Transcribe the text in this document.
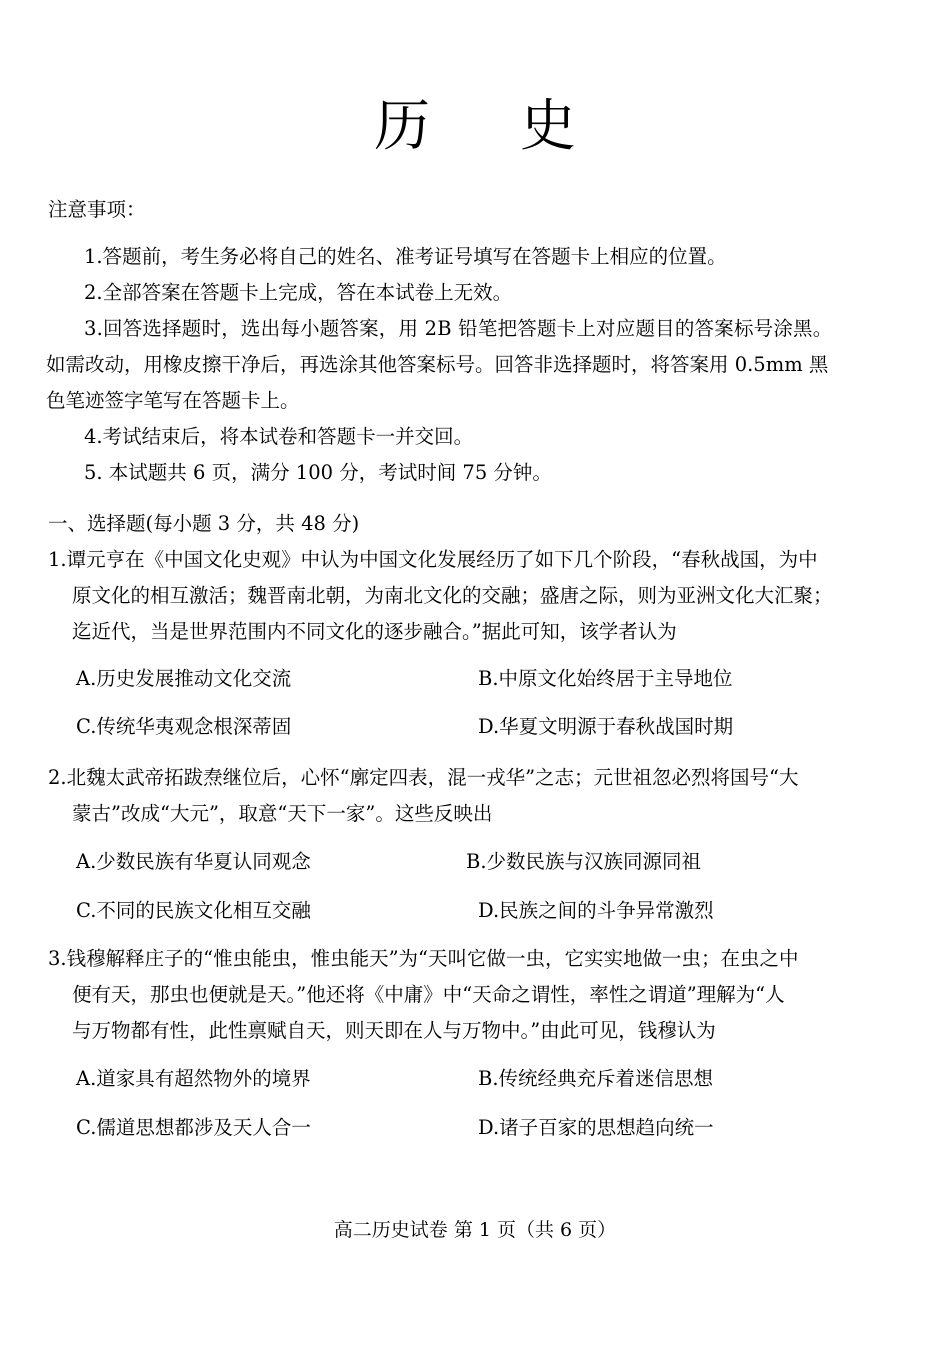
历 史
注意事项：
1.答题前，考生务必将自己的姓名、准考证号填写在答题卡上相应的位置。
2.全部答案在答题卡上完成，答在本试卷上无效。
3.回答选择题时，选出每小题答案，用 2B 铅笔把答题卡上对应题目的答案标号涂黑。
如需改动，用橡皮擦干净后，再选涂其他答案标号。回答非选择题时，将答案用 0.5mm 黑
色笔迹签字笔写在答题卡上。
4.考试结束后，将本试卷和答题卡一并交回。
5. 本试题共 6 页，满分 100 分，考试时间 75 分钟。
一、选择题(每小题 3 分，共 48 分)
1.谭元亨在《中国文化史观》中认为中国文化发展经历了如下几个阶段，“春秋战国，为中
原文化的相互激活；魏晋南北朝，为南北文化的交融；盛唐之际，则为亚洲文化大汇聚；
迄近代，当是世界范围内不同文化的逐步融合。”据此可知，该学者认为
A.历史发展推动文化交流	B.中原文化始终居于主导地位
C.传统华夷观念根深蒂固	D.华夏文明源于春秋战国时期
2.北魏太武帝拓跋焘继位后，心怀“廓定四表，混一戎华”之志；元世祖忽必烈将国号“大
蒙古”改成“大元”，取意“天下一家”。这些反映出
A.少数民族有华夏认同观念	B.少数民族与汉族同源同祖
C.不同的民族文化相互交融	D.民族之间的斗争异常激烈
3.钱穆解释庄子的“惟虫能虫，惟虫能天”为“天叫它做一虫，它实实地做一虫；在虫之中
便有天，那虫也便就是天。”他还将《中庸》中“天命之谓性，率性之谓道”理解为“人
与万物都有性，此性禀赋自天，则天即在人与万物中。”由此可见，钱穆认为
A.道家具有超然物外的境界	B.传统经典充斥着迷信思想
C.儒道思想都涉及天人合一	D.诸子百家的思想趋向统一
高二历史试卷 第 1 页（共 6 页）
